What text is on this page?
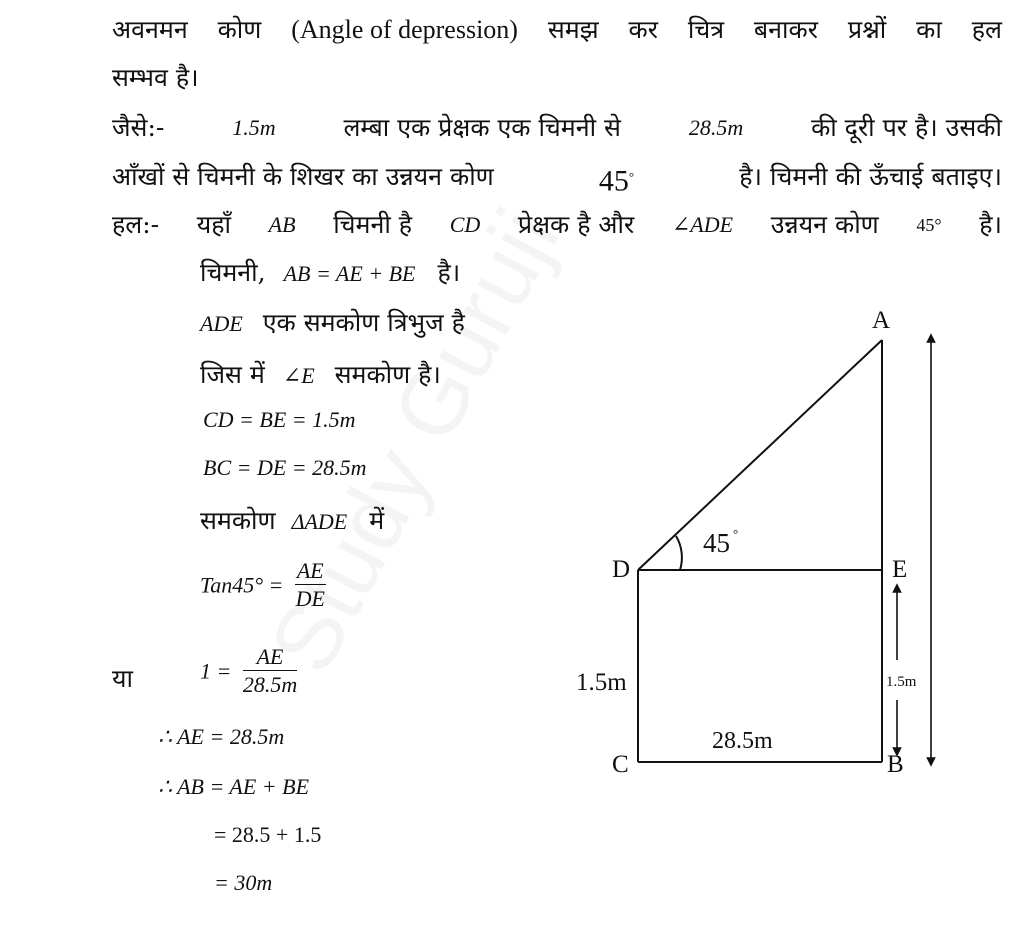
अवनमन कोण (Angle of depression) समझ कर चित्र बनाकर प्रश्नों का हल
सम्भव है।
जैसे:-	1.5m	लम्बा एक प्रेक्षक एक चिमनी से	28.5m	की दूरी पर है। उसकी
आँखों से चिमनी के शिखर का उन्नयन कोण	45°	है। चिमनी की ऊँचाई बताइए।
हल:- यहाँ AB चिमनी है CD प्रेक्षक है और ∠ADE उन्नयन कोण 45° है।
चिमनी, AB = AE + BE है।
ADE एक समकोण त्रिभुज है
जिस में ∠E समकोण है।
CD = BE = 1.5m
BC = DE = 28.5m
समकोण ΔADE में
$Tan45^\circ = \frac{AE}{DE}$
या	$1 = \frac{AE}{28.5m}$
∴ AE = 28.5m
∴ AB = AE + BE
= 28.5 + 1.5
= 30m
A
D	E
C	B
45 °
1.5m
28.5m
1.5m
